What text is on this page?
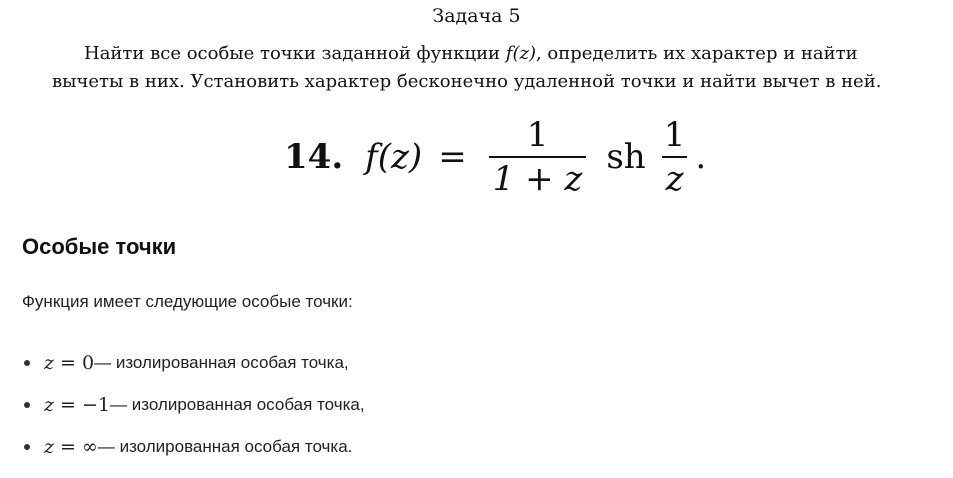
Задача 5
Найти все особые точки заданной функции f(z), определить их характер и найти вычеты в них. Установить характер бесконечно удаленной точки и найти вычет в ней.
14. $f(z) = \frac{1}{1 + z}$ sh $\frac{1}{z}$ .
Особые точки
Функция имеет следующие особые точки:
z = 0 — изолированная особая точка,
z = −1 — изолированная особая точка,
z = ∞ — изолированная особая точка.
